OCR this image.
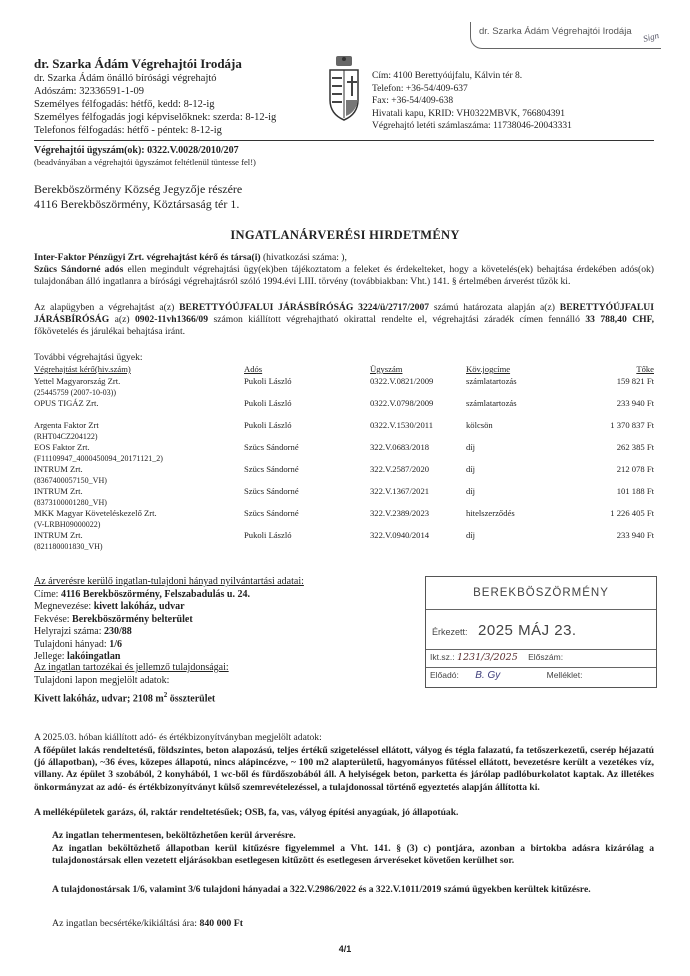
dr. Szarka Ádám Végrehajtói Irodája Sign
dr. Szarka Ádám Végrehajtói Irodája
dr. Szarka Ádám önálló bírósági végrehajtó
Adószám: 32336591-1-09
Személyes félfogadás: hétfő, kedd: 8-12-ig
Személyes félfogadás jogi képviselőknek: szerda: 8-12-ig
Telefonos félfogadás: hétfő - péntek: 8-12-ig
Cím: 4100 Berettyóújfalu, Kálvin tér 8.
Telefon: +36-54/409-637
Fax: +36-54/409-638
Hivatali kapu, KRID: VH0322MBVK, 766804391
Végrehajtó letéti számlaszáma: 11738046-20043331
Végrehajtói ügyszám(ok): 0322.V.0028/2010/207
(beadványában a végrehajtói ügyszámot feltétlenül tüntesse fel!)
Berekböszörmény Község Jegyzője részére
4116 Berekböszörmény, Köztársaság tér 1.
INGATLANÁRVERÉSI HIRDETMÉNY
Inter-Faktor Pénzügyi Zrt. végrehajtást kérő és társa(i) (hivatkozási száma: ),
Szücs Sándorné adós ellen megindult végrehajtási ügy(ek)ben tájékoztatom a feleket és érdekelteket, hogy a követelés(ek) behajtása érdekében adós(ok) tulajdonában álló ingatlanra a bírósági végrehajtásról szóló 1994.évi LIII. törvény (továbbiakban: Vht.) 141. § értelmében árverést tűzök ki.
Az alapügyben a végrehajtást a(z) BERETTYÓÚJFALUI JÁRÁSBÍRÓSÁG 3224/ü/2717/2007 számú határozata alapján a(z) BERETTYÓÚJFALUI JÁRÁSBÍRÓSÁG a(z) 0902-11vh1366/09 számon kiállított végrehajtható okirattal rendelte el, végrehajtási záradék címen fennálló 33 788,40 CHF, főkövetelés és járulékai behajtása iránt.
További végrehajtási ügyek:
Végrehajtást kérő(hiv.szám)	Adós	Ügyszám	Köv.jogcíme	Tőke

Yettel Magyarország Zrt.
(25445759 (2007-10-03))	Pukoli László	0322.V.0821/2009	számlatartozás	159 821 Ft

OPUS TIGÁZ Zrt.	Pukoli László	0322.V.0798/2009	számlatartozás	233 940 Ft

Argenta Faktor Zrt
(RHT04CZ204122)	Pukoli László	0322.V.1530/2011	kölcsön	1 370 837 Ft

EOS Faktor Zrt.
(F11109947_4000450094_20171121_2)	Szücs Sándorné	322.V.0683/2018	díj	262 385 Ft

INTRUM Zrt.
(8367400057150_VH)	Szücs Sándorné	322.V.2587/2020	díj	212 078 Ft

INTRUM Zrt.
(8373100001280_VH)	Szücs Sándorné	322.V.1367/2021	díj	101 188 Ft

MKK Magyar Követeléskezelő Zrt.
(V-LRBH09000022)	Szücs Sándorné	322.V.2389/2023	hitelszerződés	1 226 405 Ft

INTRUM Zrt.
(821180001830_VH)	Pukoli László	322.V.0940/2014	díj	233 940 Ft
Az árverésre kerülő ingatlan-tulajdoni hányad nyilvántartási adatai:
Címe: 4116 Berekböszörmény, Felszabadulás u. 24.
Megnevezése: kivett lakóház, udvar
Fekvése: Berekböszörmény belterület
Helyrajzi száma: 230/88
Tulajdoni hányad: 1/6
Jellege: lakóingatlan
BEREKBÖSZÖRMÉNY
Érkezett: 2025 MÁJ 23.
Ikt.sz.: 1231/3/2025 Előszám:
Előadó: B. Gy	Melléklet:
Az ingatlan tartozékai és jellemző tulajdonságai:
Tulajdoni lapon megjelölt adatok:
Kivett lakóház, udvar; 2108 $m^2$ összterület
A 2025.03. hóban kiállított adó- és értékbizonyítványban megjelölt adatok:
A főépület lakás rendeltetésű, földszintes, beton alapozású, teljes értékű szigeteléssel ellátott, vályog és tégla falazatú, fa tetőszerkezetű, cserép héjazatú (jó állapotban), ~36 éves, közepes állapotú, nincs alápincézve, ~ 100 m2 alapterületű, hagyományos fűtéssel ellátott, bevezetésre került a vezetékes víz, villany. Az épület 3 szobából, 2 konyhából, 1 wc-ből és fürdőszobából áll. A helyiségek beton, parketta és járólap padlóburkolatot kaptak. Az illetékes önkormányzat az adó- és értékbizonyítványt külső szemrevételezéssel, a tulajdonossal történő egyeztetés alapján állította ki.
A melléképületek garázs, ól, raktár rendeltetésűek; OSB, fa, vas, vályog építési anyagúak, jó állapotúak.
Az ingatlan tehermentesen, beköltözhetően kerül árverésre.
Az ingatlan beköltözhető állapotban kerül kitűzésre figyelemmel a Vht. 141. § (3) c) pontjára, azonban a birtokba adásra kizárólag a tulajdonostársak ellen vezetett eljárásokban esetlegesen kitűzött és esetlegesen árveréseket követően kerülhet sor.
A tulajdonostársak 1/6, valamint 3/6 tulajdoni hányadai a 322.V.2986/2022 és a 322.V.1011/2019 számú ügyekben kerültek kitűzésre.
Az ingatlan becsértéke/kikiáltási ára: 840 000 Ft
4/1
